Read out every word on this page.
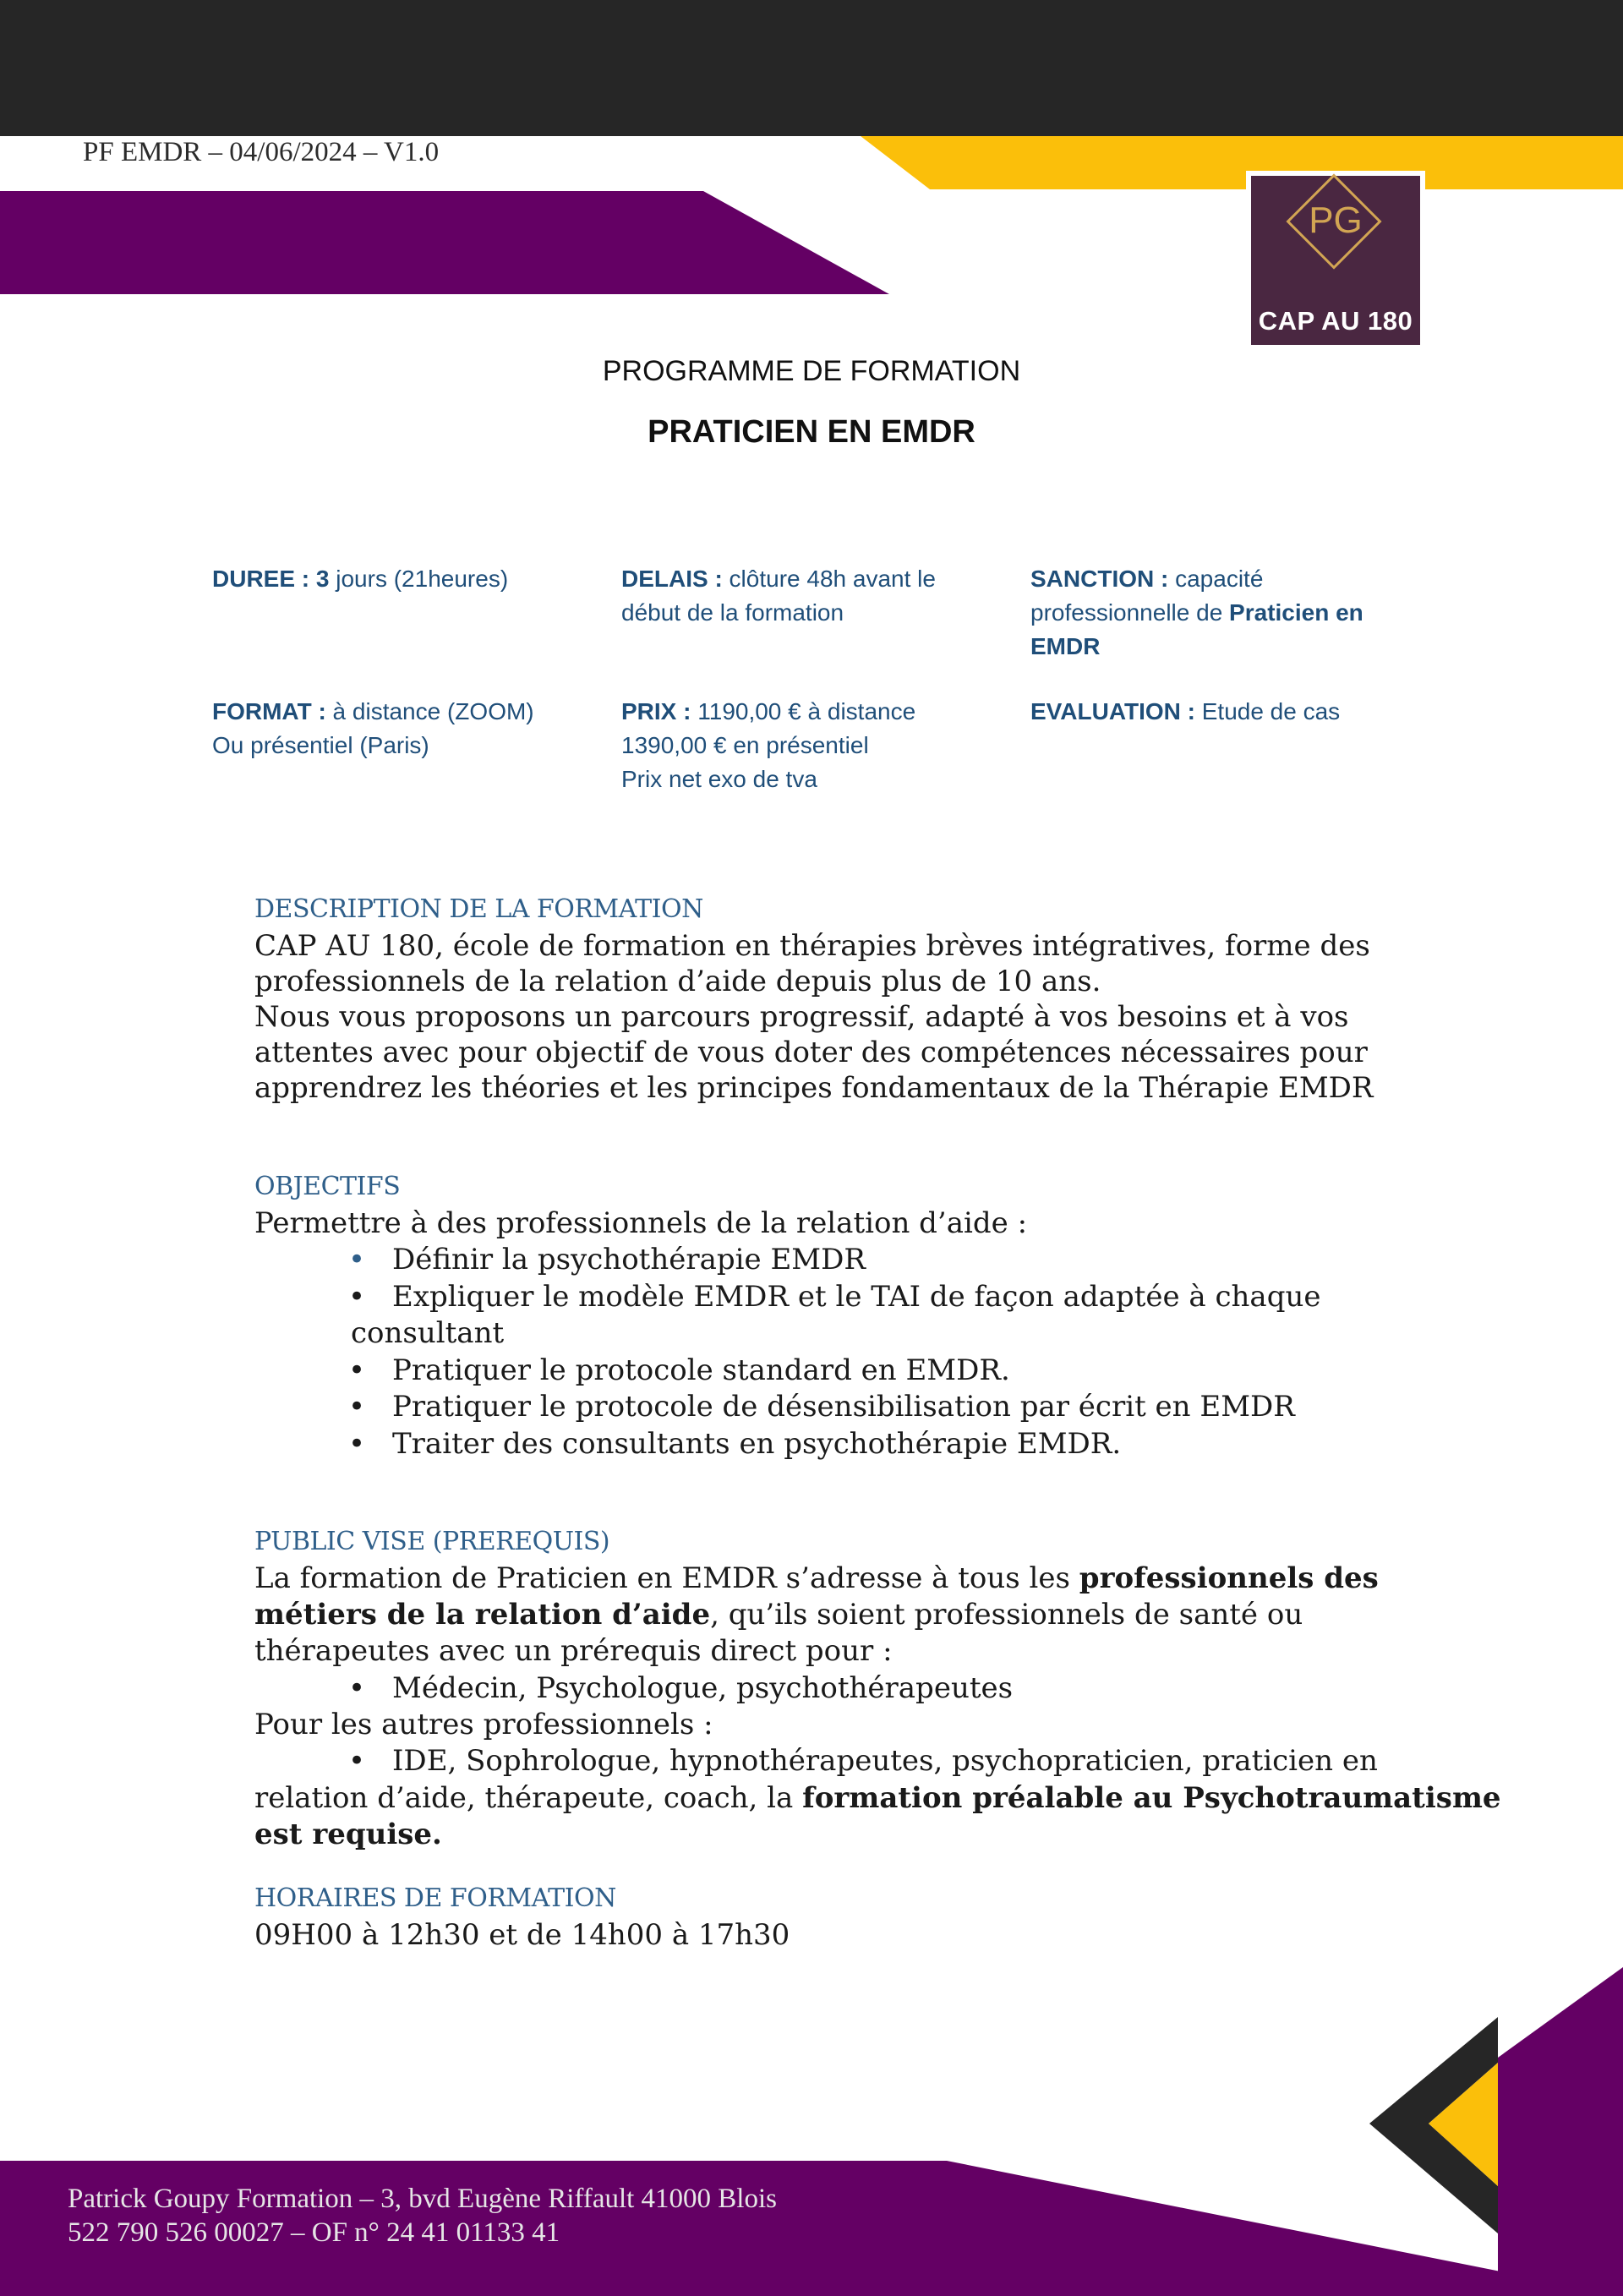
PF EMDR – 04/06/2024 – V1.0
PG
CAP AU 180
PROGRAMME DE FORMATION
PRATICIEN EN EMDR
DUREE : 3 jours (21heures)	DELAIS : clôture 48h avant le
début de la formation
SANCTION : capacité
professionnelle de Praticien en
EMDR
FORMAT : à distance (ZOOM)
Ou présentiel (Paris)
PRIX : 1190,00 € à distance
1390,00 € en présentiel
Prix net exo de tva
EVALUATION : Etude de cas
DESCRIPTION DE LA FORMATION
CAP AU 180, école de formation en thérapies brèves intégratives, forme des
professionnels de la relation d’aide depuis plus de 10 ans.
Nous vous proposons un parcours progressif, adapté à vos besoins et à vos
attentes avec pour objectif de vous doter des compétences nécessaires pour
apprendrez les théories et les principes fondamentaux de la Thérapie EMDR
OBJECTIFS
Permettre à des professionnels de la relation d’aide :
• Définir la psychothérapie EMDR
• Expliquer le modèle EMDR et le TAI de façon adaptée à chaque
consultant
• Pratiquer le protocole standard en EMDR.
• Pratiquer le protocole de désensibilisation par écrit en EMDR
• Traiter des consultants en psychothérapie EMDR.
PUBLIC VISE (PREREQUIS)
La formation de Praticien en EMDR s’adresse à tous les professionnels des
métiers de la relation d’aide, qu’ils soient professionnels de santé ou
thérapeutes avec un prérequis direct pour :
• Médecin, Psychologue, psychothérapeutes
Pour les autres professionnels :
• IDE, Sophrologue, hypnothérapeutes, psychopraticien, praticien en
relation d’aide, thérapeute, coach, la formation préalable au Psychotraumatisme
est requise.
HORAIRES DE FORMATION
09H00 à 12h30 et de 14h00 à 17h30
Patrick Goupy Formation – 3, bvd Eugène Riffault 41000 Blois
522 790 526 00027 – OF n° 24 41 01133 41
